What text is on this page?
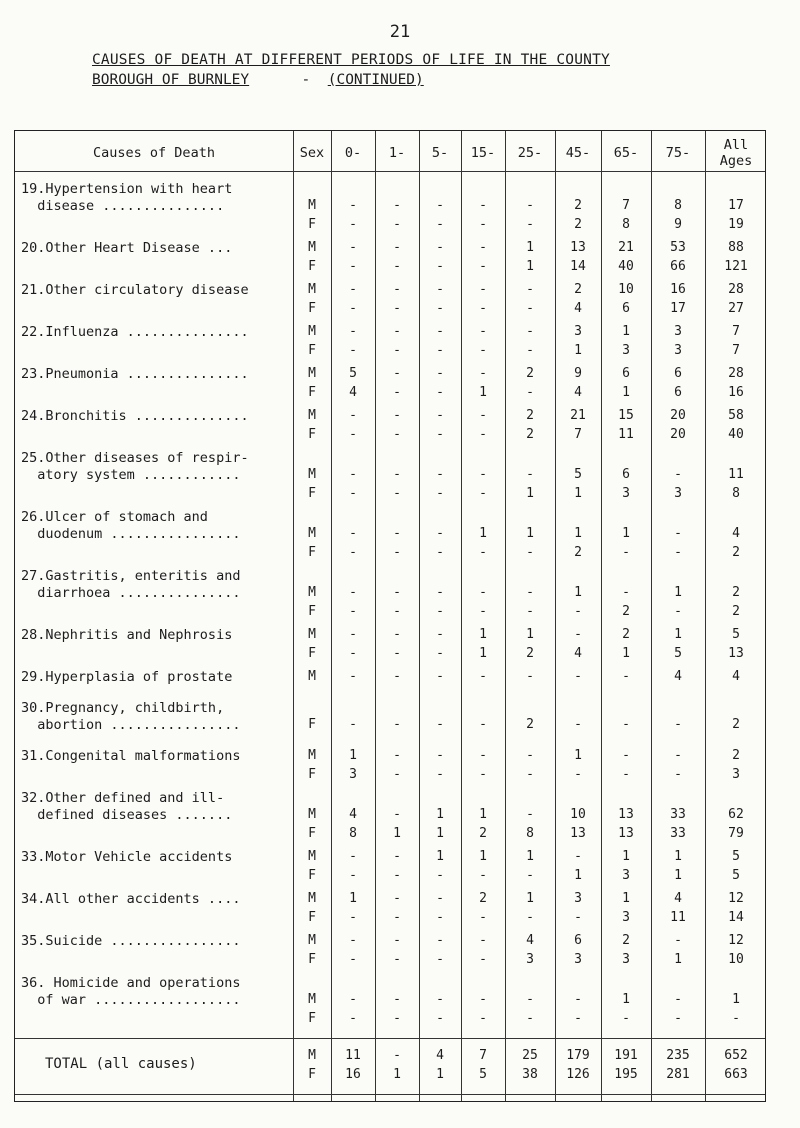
21
CAUSES OF DEATH AT DIFFERENT PERIODS OF LIFE IN THE COUNTY
BOROUGH OF BURNLEY	- (CONTINUED)
Causes of Death	Sex	0-	1-	5-	15-	25-	45-	65-	75-	All Ages
19.Hypertension with heart
disease ...............	M	-	-	-	-	-	2	7	8	17
F	-	-	-	-	-	2	8	9	19
20.Other Heart Disease ...	M	-	-	-	-	1	13	21	53	88
F	-	-	-	-	1	14	40	66	121
21.Other circulatory disease	M	-	-	-	-	-	2	10	16	28
F	-	-	-	-	-	4	6	17	27
22.Influenza ...............	M	-	-	-	-	-	3	1	3	7
F	-	-	-	-	-	1	3	3	7
23.Pneumonia ...............	M	5	-	-	-	2	9	6	6	28
F	4	-	-	1	-	4	1	6	16
24.Bronchitis ..............	M	-	-	-	-	2	21	15	20	58
F	-	-	-	-	2	7	11	20	40
25.Other diseases of respir-
atory system ............	M	-	-	-	-	-	5	6	-	11
F	-	-	-	-	1	1	3	3	8
26.Ulcer of stomach and
duodenum ................	M	-	-	-	1	1	1	1	-	4
F	-	-	-	-	-	2	-	-	2
27.Gastritis, enteritis and
diarrhoea ...............	M	-	-	-	-	-	1	-	1	2
F	-	-	-	-	-	-	2	-	2
28.Nephritis and Nephrosis	M	-	-	-	1	1	-	2	1	5
F	-	-	-	1	2	4	1	5	13
29.Hyperplasia of prostate	M	-	-	-	-	-	-	-	4	4
30.Pregnancy, childbirth,
abortion ................	F	-	-	-	-	2	-	-	-	2
31.Congenital malformations	M	1	-	-	-	-	1	-	-	2
F	3	-	-	-	-	-	-	-	3
32.Other defined and ill-
defined diseases .......	M	4	-	1	1	-	10	13	33	62
F	8	1	1	2	8	13	13	33	79
33.Motor Vehicle accidents	M	-	-	1	1	1	-	1	1	5
F	-	-	-	-	-	1	3	1	5
34.All other accidents ....	M	1	-	-	2	1	3	1	4	12
F	-	-	-	-	-	-	3	11	14
35.Suicide ................	M	-	-	-	-	4	6	2	-	12
F	-	-	-	-	3	3	3	1	10
36. Homicide and operations
of war ..................	M	-	-	-	-	-	-	1	-	1
F	-	-	-	-	-	-	-	-	-
TOTAL (all causes)
M	11	-	4	7	25	179	191	235	652
F	16	1	1	5	38	126	195	281	663
